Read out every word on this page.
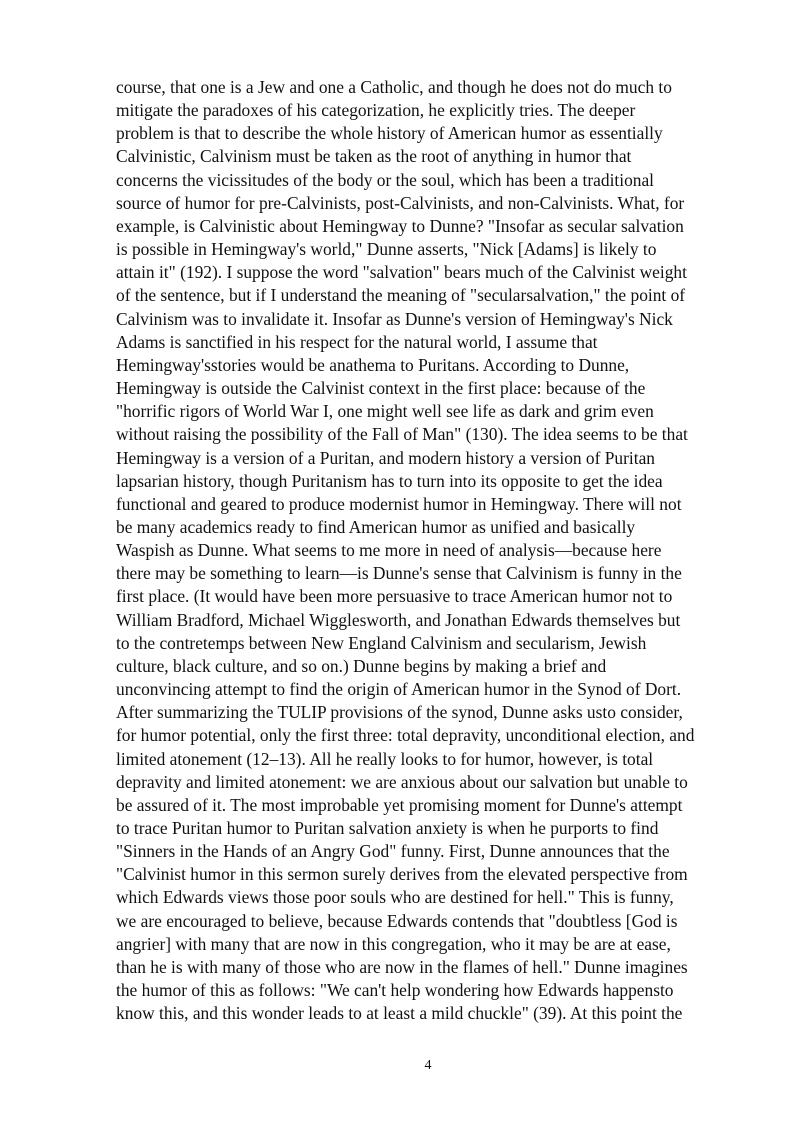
course, that one is a Jew and one a Catholic, and though he does not do much to
mitigate the paradoxes of his categorization, he explicitly tries. The deeper
problem is that to describe the whole history of American humor as essentially
Calvinistic, Calvinism must be taken as the root of anything in humor that
concerns the vicissitudes of the body or the soul, which has been a traditional
source of humor for pre-Calvinists, post-Calvinists, and non-Calvinists. What, for
example, is Calvinistic about Hemingway to Dunne? "Insofar as secular salvation
is possible in Hemingway's world," Dunne asserts, "Nick [Adams] is likely to
attain it" (192). I suppose the word "salvation" bears much of the Calvinist weight
of the sentence, but if I understand the meaning of "secularsalvation," the point of
Calvinism was to invalidate it. Insofar as Dunne's version of Hemingway's Nick
Adams is sanctified in his respect for the natural world, I assume that
Hemingway'sstories would be anathema to Puritans. According to Dunne,
Hemingway is outside the Calvinist context in the first place: because of the
"horrific rigors of World War I, one might well see life as dark and grim even
without raising the possibility of the Fall of Man" (130). The idea seems to be that
Hemingway is a version of a Puritan, and modern history a version of Puritan
lapsarian history, though Puritanism has to turn into its opposite to get the idea
functional and geared to produce modernist humor in Hemingway. There will not
be many academics ready to find American humor as unified and basically
Waspish as Dunne. What seems to me more in need of analysis—because here
there may be something to learn—is Dunne's sense that Calvinism is funny in the
first place. (It would have been more persuasive to trace American humor not to
William Bradford, Michael Wigglesworth, and Jonathan Edwards themselves but
to the contretemps between New England Calvinism and secularism, Jewish
culture, black culture, and so on.) Dunne begins by making a brief and
unconvincing attempt to find the origin of American humor in the Synod of Dort.
After summarizing the TULIP provisions of the synod, Dunne asks usto consider,
for humor potential, only the first three: total depravity, unconditional election, and
limited atonement (12–13). All he really looks to for humor, however, is total
depravity and limited atonement: we are anxious about our salvation but unable to
be assured of it. The most improbable yet promising moment for Dunne's attempt
to trace Puritan humor to Puritan salvation anxiety is when he purports to find
"Sinners in the Hands of an Angry God" funny. First, Dunne announces that the
"Calvinist humor in this sermon surely derives from the elevated perspective from
which Edwards views those poor souls who are destined for hell." This is funny,
we are encouraged to believe, because Edwards contends that "doubtless [God is
angrier] with many that are now in this congregation, who it may be are at ease,
than he is with many of those who are now in the flames of hell." Dunne imagines
the humor of this as follows: "We can't help wondering how Edwards happensto
know this, and this wonder leads to at least a mild chuckle" (39). At this point the
4
